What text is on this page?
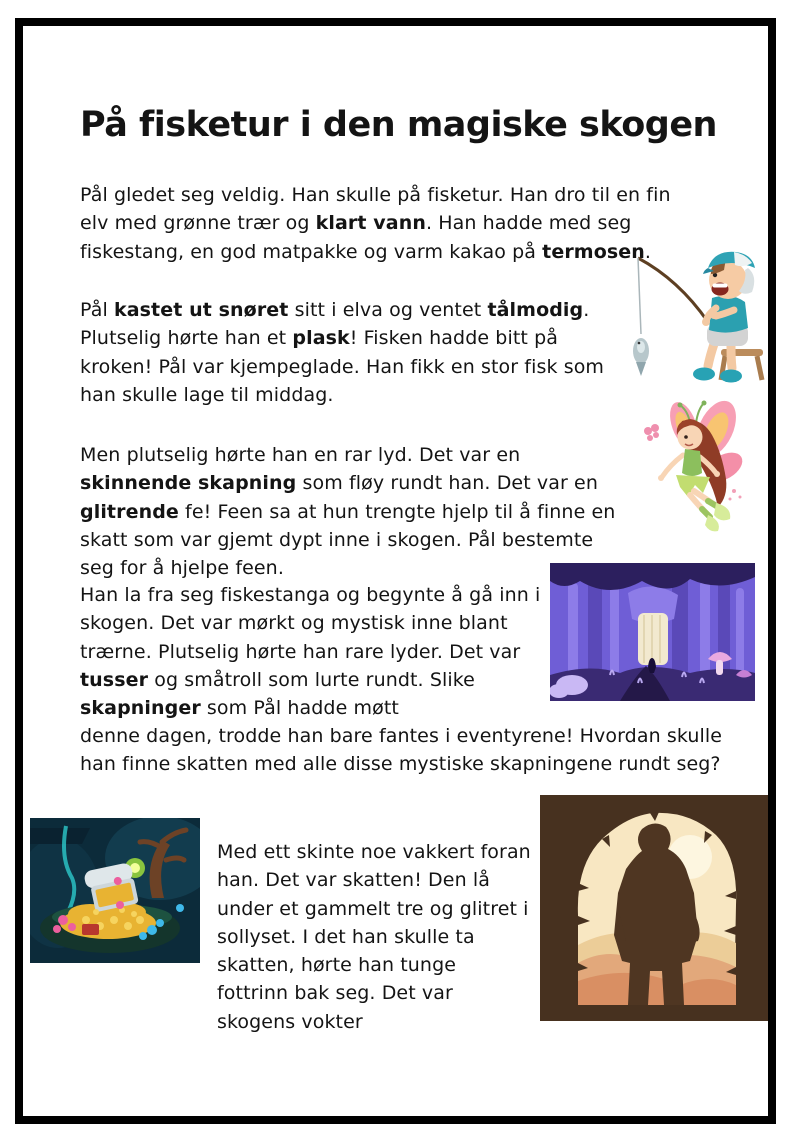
På fisketur i den magiske skogen

Pål gledet seg veldig. Han skulle på fisketur. Han dro til en fin elv med grønne trær og klart vann. Han hadde med seg fiskestang, en god matpakke og varm kakao på termosen.

Pål kastet ut snøret sitt i elva og ventet tålmodig. Plutselig hørte han et plask! Fisken hadde bitt på kroken! Pål var kjempeglade. Han fikk en stor fisk som han skulle lage til middag.

Men plutselig hørte han en rar lyd. Det var en skinnende skapning som fløy rundt han. Det var en glitrende fe! Feen sa at hun trengte hjelp til å finne en skatt som var gjemt dypt inne i skogen. Pål bestemte seg for å hjelpe feen.

Han la fra seg fiskestanga og begynte å gå inn i skogen. Det var mørkt og mystisk inne blant trærne. Plutselig hørte han rare lyder. Det var tusser og småtroll som lurte rundt. Slike skapninger som Pål hadde møtt

denne dagen, trodde han bare fantes i eventyrene! Hvordan skulle han finne skatten med alle disse mystiske skapningene rundt seg?

Med ett skinte noe vakkert foran han. Det var skatten! Den lå under et gammelt tre og glitret i sollyset. I det han skulle ta skatten, hørte han tunge fottrinn bak seg. Det var skogens vokter
